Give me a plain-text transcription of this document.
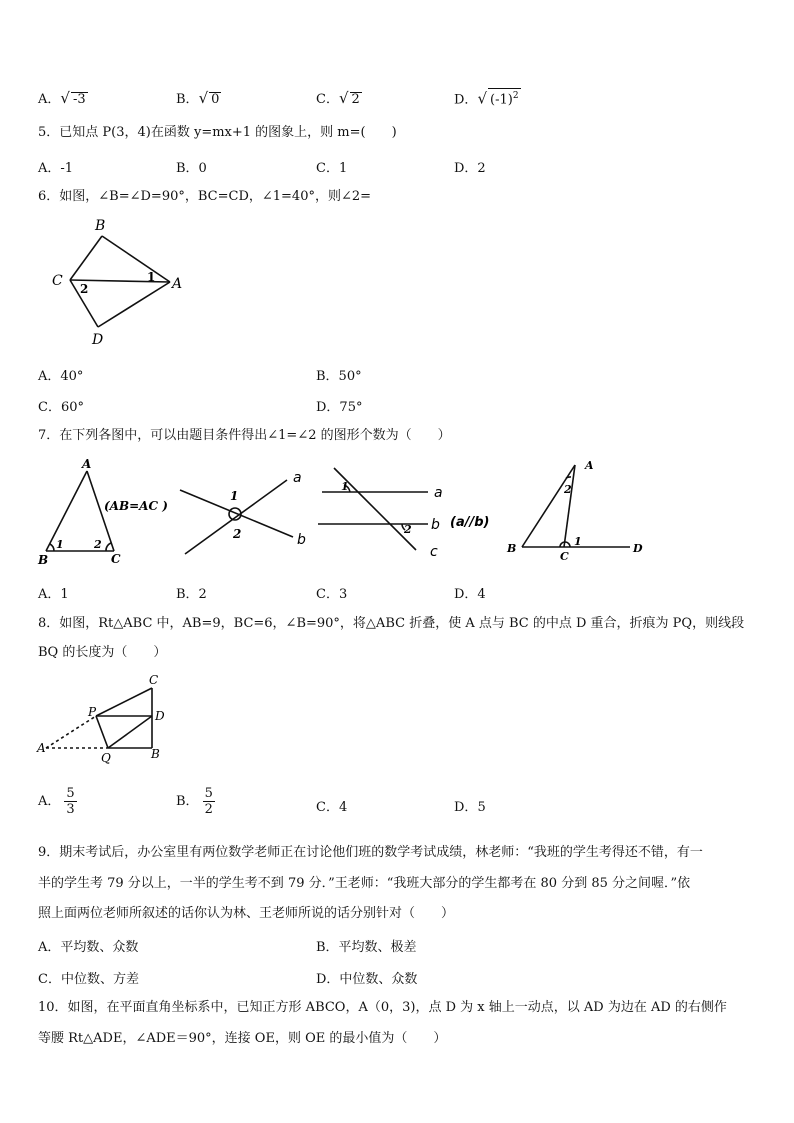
A．√ -3	B．√ 0	C．√ 2	D．√ $(-1)^2$
5．已知点 P(3，4)在函数 y=mx+1 的图象上，则 m=(　　)
A．-1	B．0	C．1	D．2
6．如图，∠B=∠D=90°，BC=CD，∠1=40°，则∠2=
B
C	A
D
1
2
A．40°	B．50°
C．60°	D．75°
7．在下列各图中，可以由题目条件得出∠1=∠2 的图形个数为（　　）
A
B	C
1	2
(AB=AC )
a
b
1
2
a
b
c
1
2	(a//b)
A
B
C
D
1
2
A．1	B．2	C．3	D．4
8．如图，Rt△ABC 中，AB=9，BC=6，∠B=90°，将△ABC 折叠，使 A 点与 BC 的中点 D 重合，折痕为 PQ，则线段
BQ 的长度为（　　）
C
P	D
A
Q	B
A． $\frac{5}{3}$	B． $\frac{5}{2}$	C．4	D．5
9．期末考试后，办公室里有两位数学老师正在讨论他们班的数学考试成绩，林老师：“我班的学生考得还不错，有一
半的学生考 79 分以上，一半的学生考不到 79 分．”王老师：“我班大部分的学生都考在 80 分到 85 分之间喔．”依
照上面两位老师所叙述的话你认为林、王老师所说的话分别针对（　　）
A．平均数、众数	B．平均数、极差
C．中位数、方差	D．中位数、众数
10．如图，在平面直角坐标系中，已知正方形 ABCO，A（0，3)，点 D 为 x 轴上一动点，以 AD 为边在 AD 的右侧作
等腰 Rt△ADE，∠ADE＝90°，连接 OE，则 OE 的最小值为（　　）
